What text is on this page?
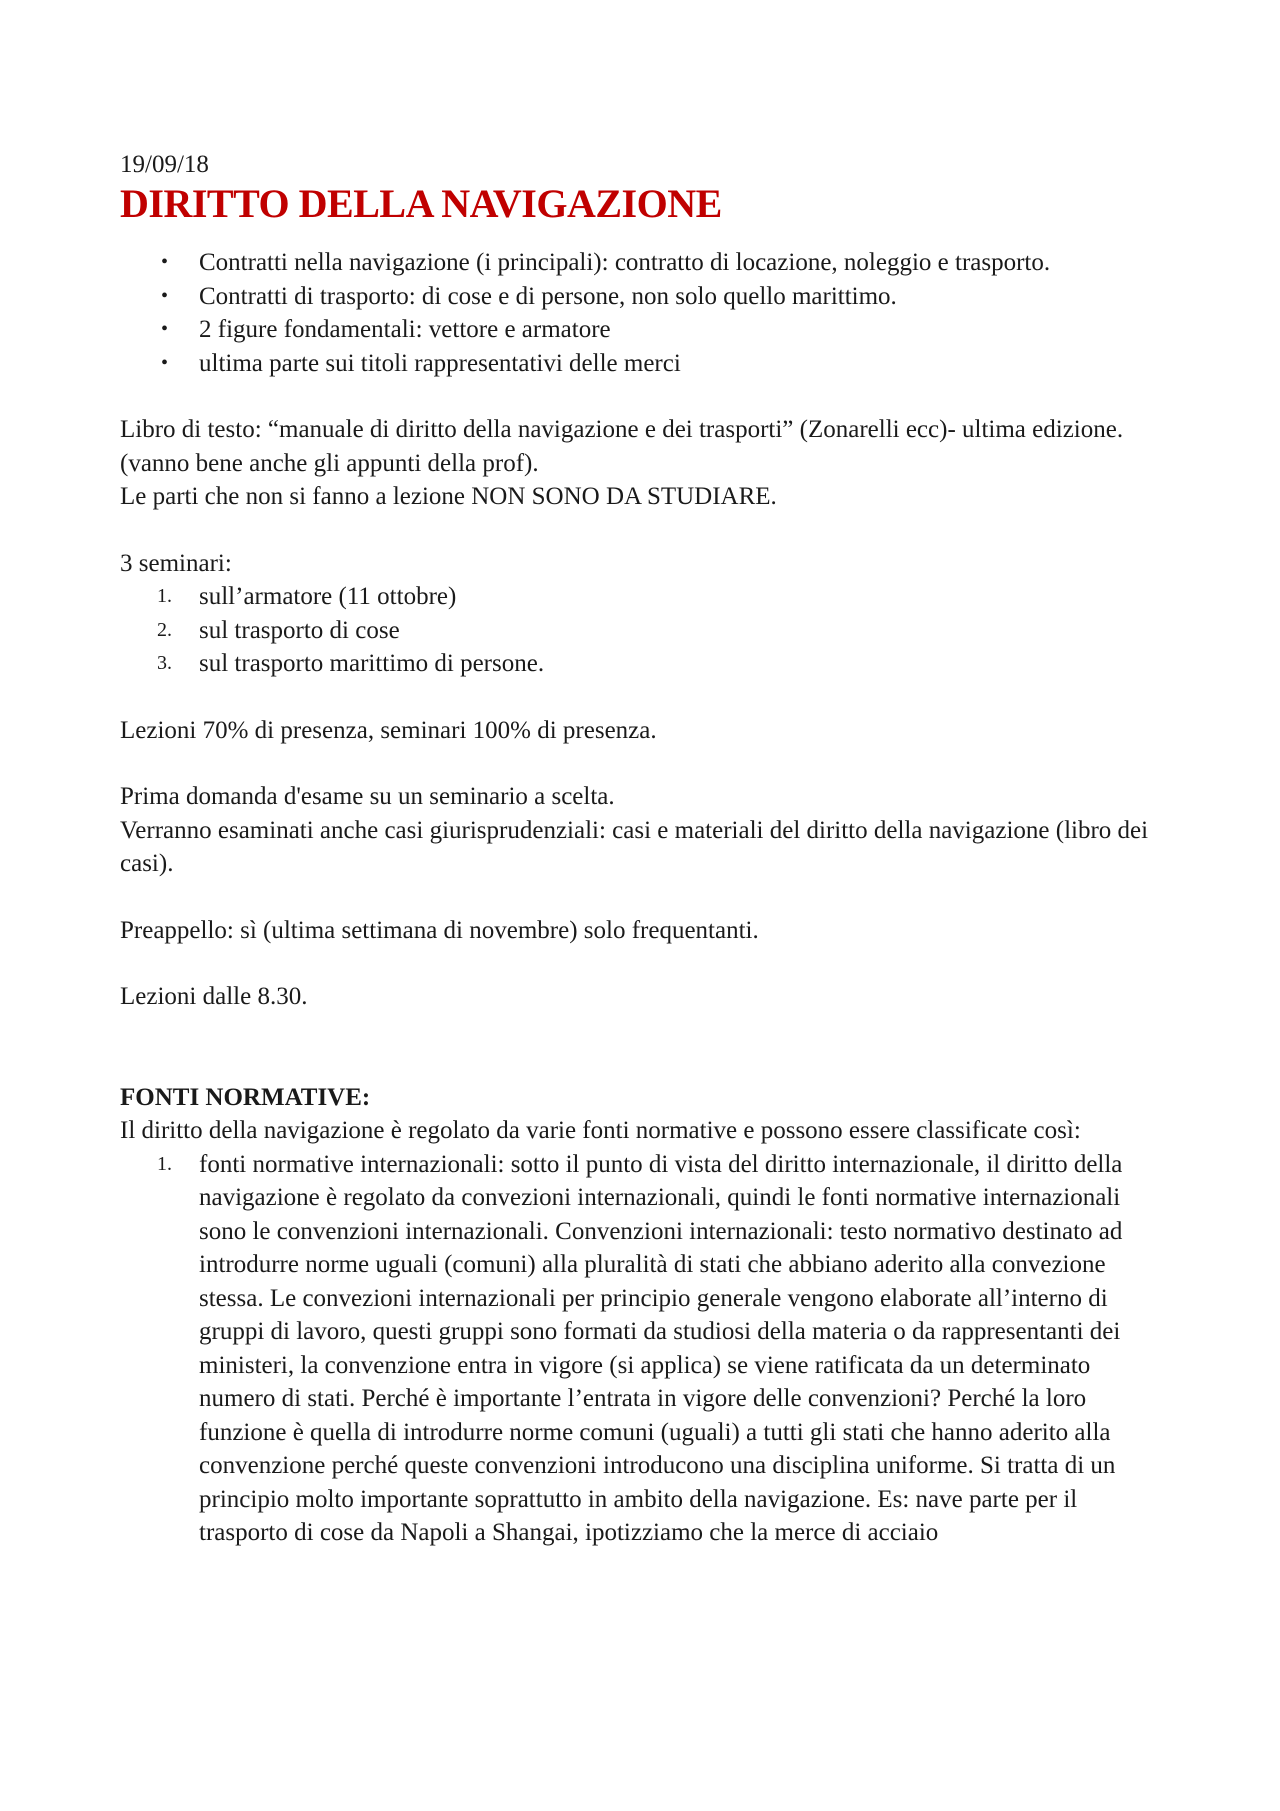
19/09/18

DIRITTO DELLA NAVIGAZIONE
• Contratti nella navigazione (i principali): contratto di locazione, noleggio e trasporto.
• Contratti di trasporto: di cose e di persone, non solo quello marittimo.
• 2 figure fondamentali: vettore e armatore
• ultima parte sui titoli rappresentativi delle merci

Libro di testo: “manuale di diritto della navigazione e dei trasporti” (Zonarelli ecc)- ultima edizione. (vanno bene anche gli appunti della prof).

Le parti che non si fanno a lezione NON SONO DA STUDIARE.

3 seminari:

1. sull’armatore (11 ottobre)
2. sul trasporto di cose
3. sul trasporto marittimo di persone.

Lezioni 70% di presenza, seminari 100% di presenza.

Prima domanda d'esame su un seminario a scelta.

Verranno esaminati anche casi giurisprudenziali: casi e materiali del diritto della navigazione (libro dei casi).

Preappello: sì (ultima settimana di novembre) solo frequentanti.

Lezioni dalle 8.30.

FONTI NORMATIVE:

Il diritto della navigazione è regolato da varie fonti normative e possono essere classificate così:

1. fonti normative internazionali: sotto il punto di vista del diritto internazionale, il diritto della navigazione è regolato da convezioni internazionali, quindi le fonti normative internazionali sono le convenzioni internazionali. Convenzioni internazionali: testo normativo destinato ad introdurre norme uguali (comuni) alla pluralità di stati che abbiano aderito alla convezione stessa. Le convezioni internazionali per principio generale vengono elaborate all’interno di gruppi di lavoro, questi gruppi sono formati da studiosi della materia o da rappresentanti dei ministeri, la convenzione entra in vigore (si applica) se viene ratificata da un determinato numero di stati. Perché è importante l’entrata in vigore delle convenzioni? Perché la loro funzione è quella di introdurre norme comuni (uguali) a tutti gli stati che hanno aderito alla convenzione perché queste convenzioni introducono una disciplina uniforme. Si tratta di un principio molto importante soprattutto in ambito della navigazione. Es: nave parte per il trasporto di cose da Napoli a Shangai, ipotizziamo che la merce di acciaio
